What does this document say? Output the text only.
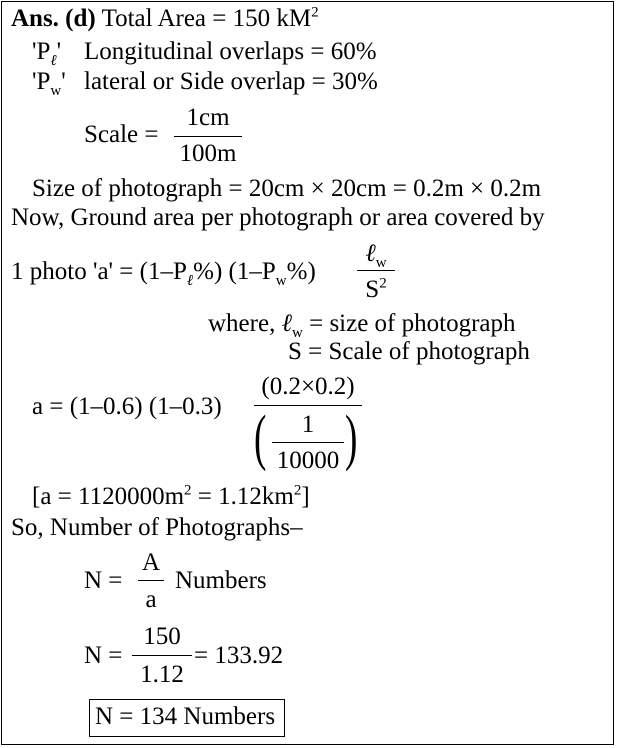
Ans. (d) Total Area = 150 $kM^2$
'$P_\ell$' Longitudinal overlaps = 60%
'$P_w$' lateral or Side overlap = 30%
Scale =
1cm
100m
Size of photograph = 20cm × 20cm = 0.2m × 0.2m
Now, Ground area per photograph or area covered by
1 photo '$a' = (1-P_\ell\%)$ $(1-P_w\%)$
ℓ$_w$
$S^2$
where, ℓ$_w$ = size of photograph
S = Scale of photograph
a = (1–0.6) (1–0.3)
(0.2×0.2)
(	1
10000 )
$[a = 1120000m^2 = 1.12km^2]$
So, Number of Photographs–
N =
A
a
Numbers
N =
150
1.12
= 133.92
N = 134 Numbers
